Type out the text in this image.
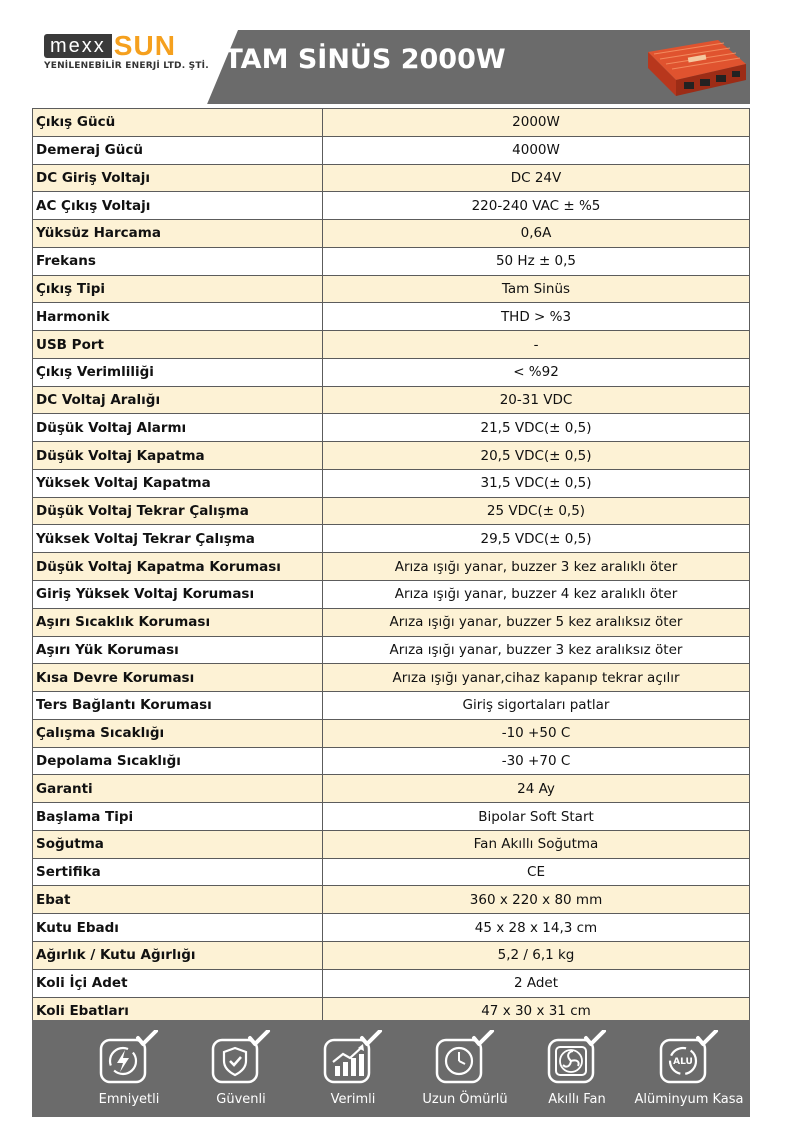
mexx SUN
YENİLENEBİLİR ENERJİ LTD. ŞTİ. TAM SİNÜS 2000W
Çıkış Gücü	2000W
Demeraj Gücü	4000W
DC Giriş Voltajı	DC 24V
AC Çıkış Voltajı	220-240 VAC ± %5
Yüksüz Harcama	0,6A
Frekans	50 Hz ± 0,5
Çıkış Tipi	Tam Sinüs
Harmonik	THD > %3
USB Port	-
Çıkış Verimliliği	< %92
DC Voltaj Aralığı	20-31 VDC
Düşük Voltaj Alarmı	21,5 VDC(± 0,5)
Düşük Voltaj Kapatma	20,5 VDC(± 0,5)
Yüksek Voltaj Kapatma	31,5 VDC(± 0,5)
Düşük Voltaj Tekrar Çalışma	25 VDC(± 0,5)
Yüksek Voltaj Tekrar Çalışma	29,5 VDC(± 0,5)
Düşük Voltaj Kapatma Koruması	Arıza ışığı yanar, buzzer 3 kez aralıklı öter
Giriş Yüksek Voltaj Koruması	Arıza ışığı yanar, buzzer 4 kez aralıklı öter
Aşırı Sıcaklık Koruması	Arıza ışığı yanar, buzzer 5 kez aralıksız öter
Aşırı Yük Koruması	Arıza ışığı yanar, buzzer 3 kez aralıksız öter
Kısa Devre Koruması	Arıza ışığı yanar,cihaz kapanıp tekrar açılır
Ters Bağlantı Koruması	Giriş sigortaları patlar
Çalışma Sıcaklığı	-10 +50 C
Depolama Sıcaklığı	-30 +70 C
Garanti	24 Ay
Başlama Tipi	Bipolar Soft Start
Soğutma	Fan Akıllı Soğutma
Sertifika	CE
Ebat	360 x 220 x 80 mm
Kutu Ebadı	45 x 28 x 14,3 cm
Ağırlık / Kutu Ağırlığı	5,2 / 6,1 kg
Koli İçi Adet	2 Adet
Koli Ebatları	47 x 30 x 31 cm

Emniyetli	Güvenli	Verimli	Uzun Ömürlü	Akıllı Fan
ALU
Alüminyum Kasa
